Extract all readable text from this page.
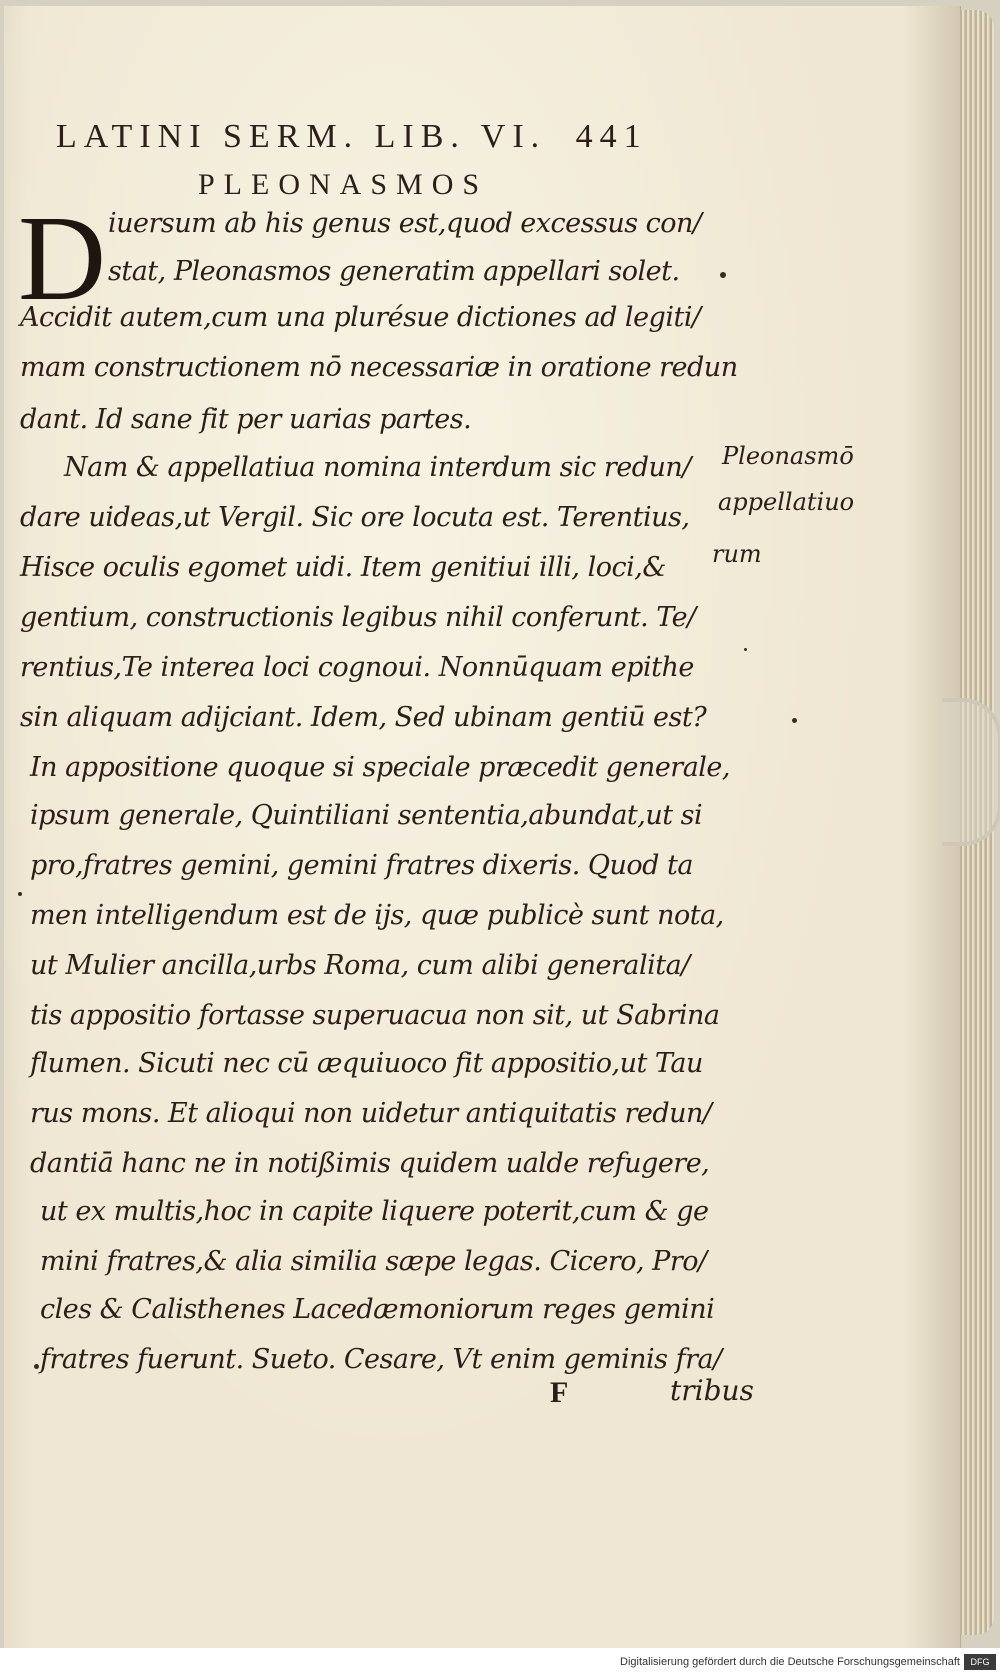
LATINI SERM. LIB. VI. 441
PLEONASMOS
D iuersum ab his genus est,quod excessus con/
stat, Pleonasmos generatim appellari solet.
Accidit autem,cum una plurésue dictiones ad legiti/
mam constructionem nō necessariæ in oratione redun
dant. Id sane fit per uarias partes.
Nam & appellatiua nomina interdum sic redun/
dare uideas,ut Vergil. Sic ore locuta est. Terentius,
Hisce oculis egomet uidi. Item genitiui illi, loci,&
gentium, constructionis legibus nihil conferunt. Te/
rentius,Te interea loci cognoui. Nonnūquam epithe
sin aliquam adijciant. Idem, Sed ubinam gentiū est?
In appositione quoque si speciale præcedit generale,
ipsum generale, Quintiliani sententia,abundat,ut si
pro,fratres gemini, gemini fratres dixeris. Quod ta
men intelligendum est de ijs, quæ publicè sunt nota,
ut Mulier ancilla,urbs Roma, cum alibi generalita/
tis appositio fortasse superuacua non sit, ut Sabrina
flumen. Sicuti nec cū æquiuoco fit appositio,ut Tau
rus mons. Et alioqui non uidetur antiquitatis redun/
dantiā hanc ne in notißimis quidem ualde refugere,
ut ex multis,hoc in capite liquere poterit,cum & ge
mini fratres,& alia similia sæpe legas. Cicero, Pro/
cles & Calisthenes Lacedæmoniorum reges gemini
fratres fuerunt. Sueto. Cesare, Vt enim geminis fra/
Pleonasmō
appellatiuo
rum
F	tribus
Digitalisierung gefördert durch die Deutsche Forschungsgemeinschaft	DFG
